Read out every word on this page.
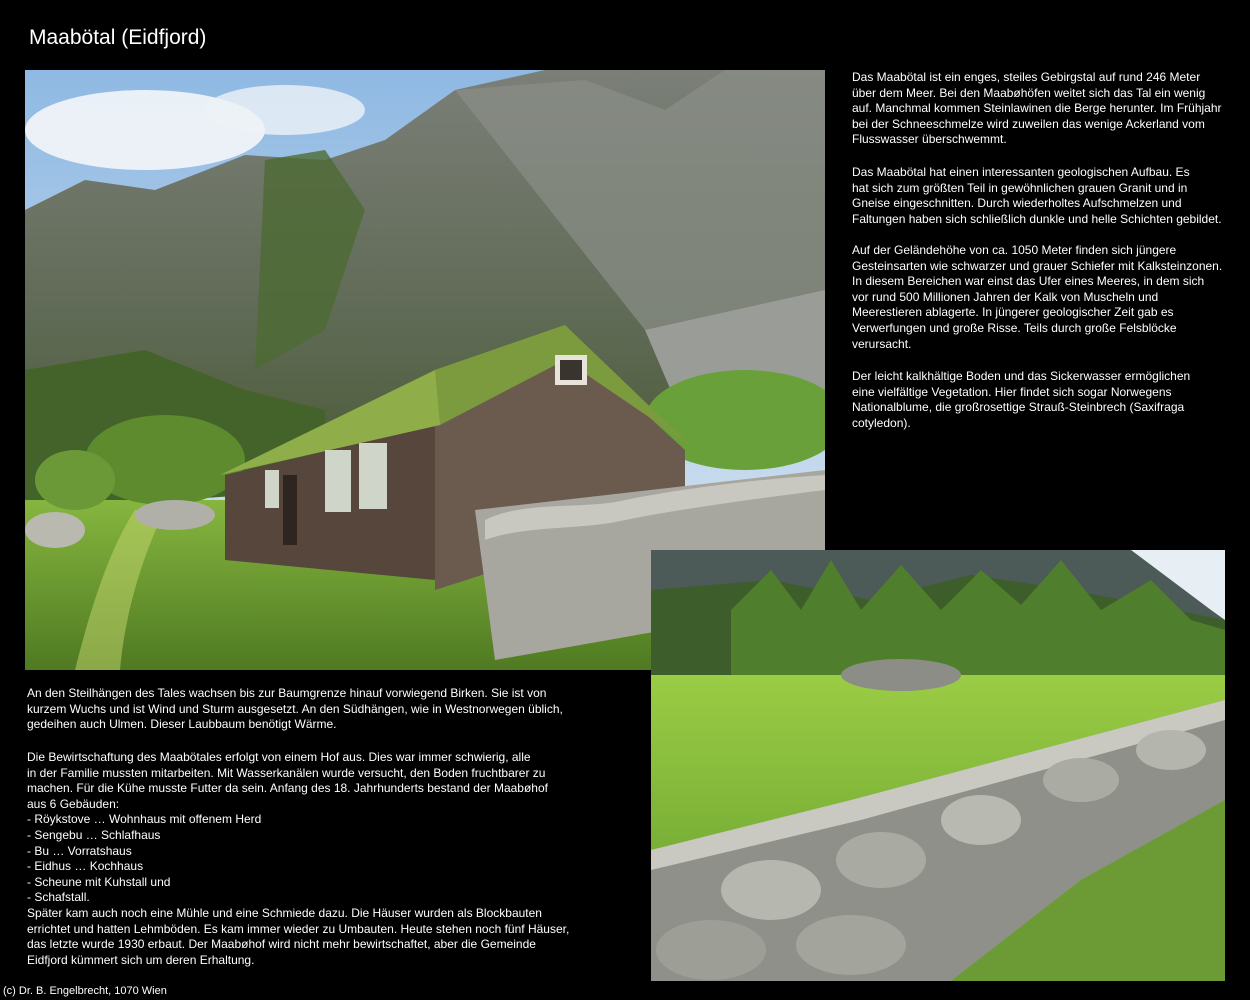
Maabötal (Eidfjord)

Das Maabötal ist ein enges, steiles Gebirgstal auf rund 246 Meter
über dem Meer. Bei den Maabøhöfen weitet sich das Tal ein wenig
auf. Manchmal kommen Steinlawinen die Berge herunter. Im Frühjahr
bei der Schneeschmelze wird zuweilen das wenige Ackerland vom
Flusswasser überschwemmt.

Das Maabötal hat einen interessanten geologischen Aufbau. Es
hat sich zum größten Teil in gewöhnlichen grauen Granit und in
Gneise eingeschnitten. Durch wiederholtes Aufschmelzen und
Faltungen haben sich schließlich dunkle und helle Schichten gebildet.

Auf der Geländehöhe von ca. 1050 Meter finden sich jüngere
Gesteinsarten wie schwarzer und grauer Schiefer mit Kalksteinzonen.
In diesem Bereichen war einst das Ufer eines Meeres, in dem sich
vor rund 500 Millionen Jahren der Kalk von Muscheln und
Meerestieren ablagerte. In jüngerer geologischer Zeit gab es
Verwerfungen und große Risse. Teils durch große Felsblöcke
verursacht.

Der leicht kalkhältige Boden und das Sickerwasser ermöglichen
eine vielfältige Vegetation. Hier findet sich sogar Norwegens
Nationalblume, die großrosettige Strauß-Steinbrech (Saxifraga
cotyledon).

An den Steilhängen des Tales wachsen bis zur Baumgrenze hinauf vorwiegend Birken. Sie ist von
kurzem Wuchs und ist Wind und Sturm ausgesetzt. An den Südhängen, wie in Westnorwegen üblich,
gedeihen auch Ulmen. Dieser Laubbaum benötigt Wärme.

Die Bewirtschaftung des Maabötales erfolgt von einem Hof aus. Dies war immer schwierig, alle
in der Familie mussten mitarbeiten. Mit Wasserkanälen wurde versucht, den Boden fruchtbarer zu
machen. Für die Kühe musste Futter da sein. Anfang des 18. Jahrhunderts bestand der Maabøhof
aus 6 Gebäuden:
- Röykstove … Wohnhaus mit offenem Herd
- Sengebu … Schlafhaus
- Bu … Vorratshaus
- Eidhus … Kochhaus
- Scheune mit Kuhstall und
- Schafstall.
Später kam auch noch eine Mühle und eine Schmiede dazu. Die Häuser wurden als Blockbauten
errichtet und hatten Lehmböden. Es kam immer wieder zu Umbauten. Heute stehen noch fünf Häuser,
das letzte wurde 1930 erbaut. Der Maabøhof wird nicht mehr bewirtschaftet, aber die Gemeinde
Eidfjord kümmert sich um deren Erhaltung.

(c) Dr. B. Engelbrecht, 1070 Wien
